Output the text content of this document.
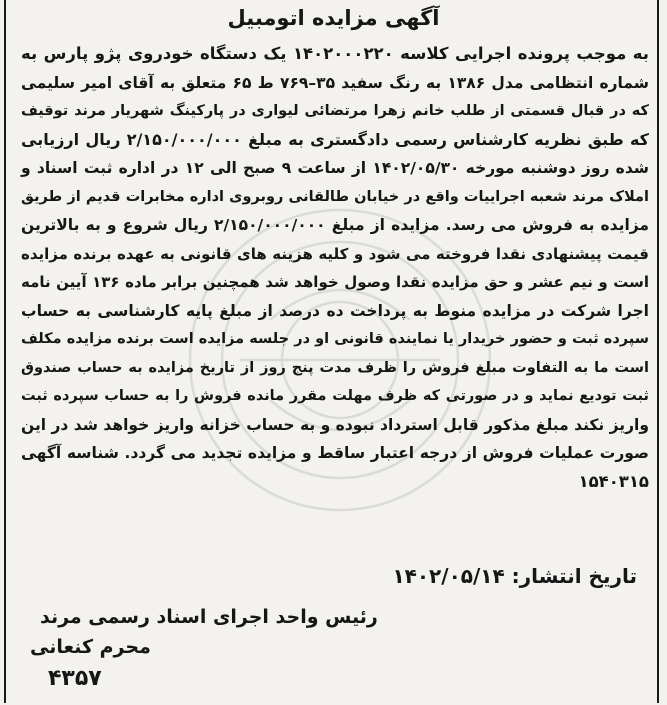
آگهی مزایده اتومبیل
به موجب پرونده اجرایی کلاسه ۱۴۰۲۰۰۰۲۲۰ یک دستگاه خودروی پژو پارس به
شماره انتظامی مدل ۱۳۸۶ به رنگ سفید ۳۵–۷۶۹ ط ۶۵ متعلق به آقای امیر سلیمی
که در قبال قسمتی از طلب خانم زهرا مرتضائی لیواری در پارکینگ شهریار مرند توقیف
که طبق نظریه کارشناس رسمی دادگستری به مبلغ ۲/۱۵۰/۰۰۰/۰۰۰ ریال ارزیابی
شده روز دوشنبه مورخه ۱۴۰۲/۰۵/۳۰ از ساعت ۹ صبح الی ۱۲ در اداره ثبت اسناد و
املاک مرند شعبه اجراییات واقع در خیابان طالقانی روبروی اداره مخابرات قدیم از طریق
مزایده به فروش می رسد. مزایده از مبلغ ۲/۱۵۰/۰۰۰/۰۰۰ ریال شروع و به بالاترین
قیمت پیشنهادی نقدا فروخته می شود و کلیه هزینه های قانونی به عهده برنده مزایده
است و نیم عشر و حق مزایده نقدا وصول خواهد شد همچنین برابر ماده ۱۳۶ آیین نامه
اجرا شرکت در مزایده منوط به پرداخت ده درصد از مبلغ پایه کارشناسی به حساب
سپرده ثبت و حضور خریدار یا نماینده قانونی او در جلسه مزایده است برنده مزایده مکلف
است ما به التفاوت مبلغ فروش را ظرف مدت پنج روز از تاریخ مزایده به حساب صندوق
ثبت تودیع نماید و در صورتی که ظرف مهلت مقرر مانده فروش را به حساب سپرده ثبت
واریز نکند مبلغ مذکور قابل استرداد نبوده و به حساب خزانه واریز خواهد شد در این
صورت عملیات فروش از درجه اعتبار ساقط و مزایده تجدید می گردد. شناسه آگهی
۱۵۴۰۳۱۵
تاریخ انتشار: ۱۴۰۲/۰۵/۱۴
رئیس واحد اجرای اسناد رسمی مرند
محرم کنعانی
۴۳۵۷
